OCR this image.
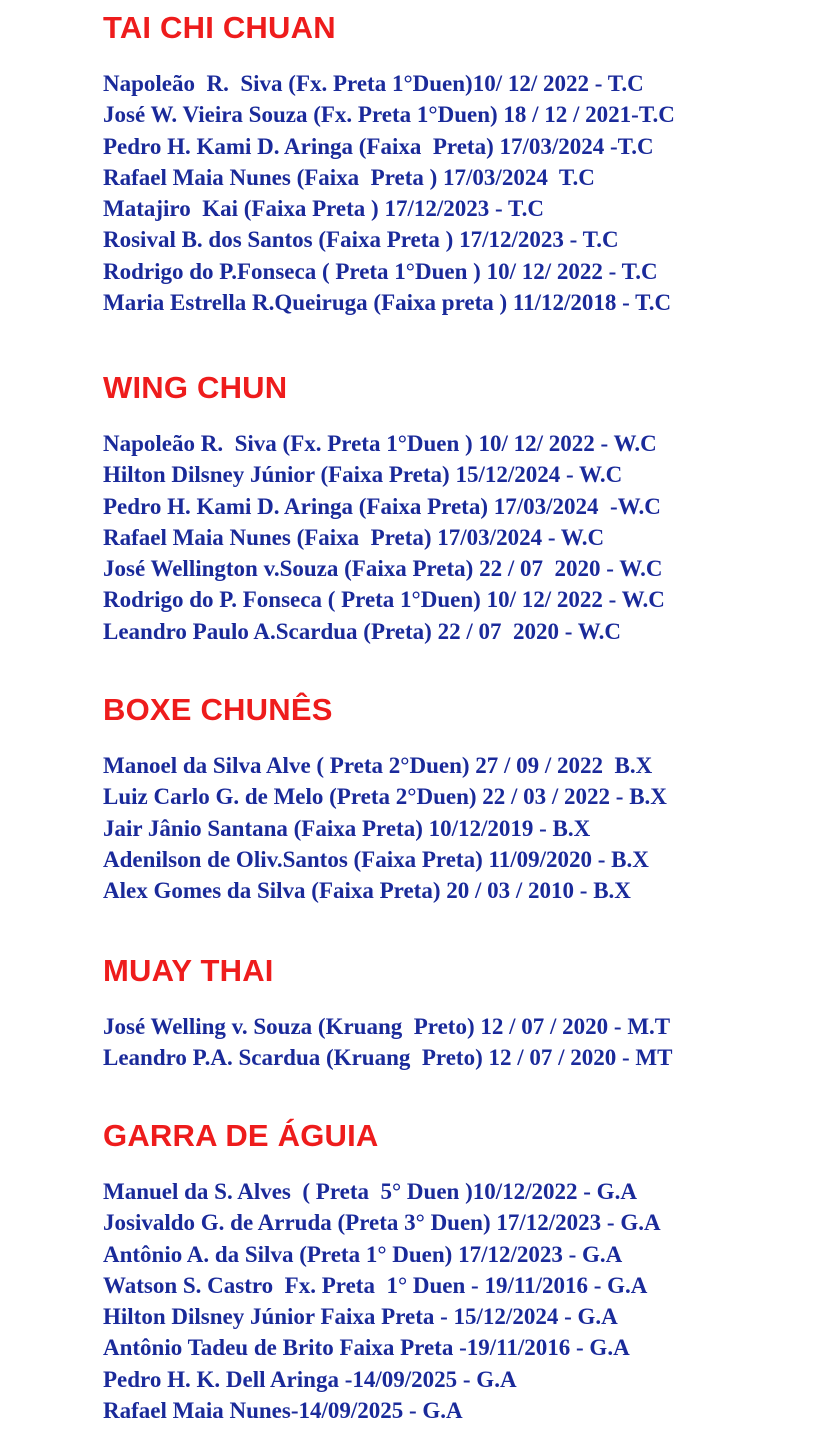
TAI CHI CHUAN

Napoleão  R.  Siva (Fx. Preta 1°Duen)10/ 12/ 2022 - T.C

José W. Vieira Souza (Fx. Preta 1°Duen) 18 / 12 / 2021-T.C

Pedro H. Kami D. Aringa (Faixa  Preta) 17/03/2024 -T.C

Rafael Maia Nunes (Faixa  Preta ) 17/03/2024  T.C

Matajiro  Kai (Faixa Preta ) 17/12/2023 - T.C

Rosival B. dos Santos (Faixa Preta ) 17/12/2023 - T.C

Rodrigo do P.Fonseca ( Preta 1°Duen ) 10/ 12/ 2022 - T.C

Maria Estrella R.Queiruga (Faixa preta ) 11/12/2018 - T.C

WING CHUN

Napoleão R.  Siva (Fx. Preta 1°Duen ) 10/ 12/ 2022 - W.C

Hilton Dilsney Júnior (Faixa Preta) 15/12/2024 - W.C

Pedro H. Kami D. Aringa (Faixa Preta) 17/03/2024  -W.C

Rafael Maia Nunes (Faixa  Preta) 17/03/2024 - W.C

José Wellington v.Souza (Faixa Preta) 22 / 07  2020 - W.C

Rodrigo do P. Fonseca ( Preta 1°Duen) 10/ 12/ 2022 - W.C

Leandro Paulo A.Scardua (Preta) 22 / 07  2020 - W.C

BOXE CHUNÊS

Manoel da Silva Alve ( Preta 2°Duen) 27 / 09 / 2022  B.X

Luiz Carlo G. de Melo (Preta 2°Duen) 22 / 03 / 2022 - B.X

Jair Jânio Santana (Faixa Preta) 10/12/2019 - B.X

Adenilson de Oliv.Santos (Faixa Preta) 11/09/2020 - B.X

Alex Gomes da Silva (Faixa Preta) 20 / 03 / 2010 - B.X

MUAY THAI

José Welling v. Souza (Kruang  Preto) 12 / 07 / 2020 - M.T

Leandro P.A. Scardua (Kruang  Preto) 12 / 07 / 2020 - MT

GARRA DE ÁGUIA

Manuel da S. Alves  ( Preta  5° Duen )10/12/2022 - G.A

Josivaldo G. de Arruda (Preta 3° Duen) 17/12/2023 - G.A

Antônio A. da Silva (Preta 1° Duen) 17/12/2023 - G.A

Watson S. Castro  Fx. Preta  1° Duen - 19/11/2016 - G.A

Hilton Dilsney Júnior Faixa Preta - 15/12/2024 - G.A

Antônio Tadeu de Brito Faixa Preta -19/11/2016 - G.A

Pedro H. K. Dell Aringa -14/09/2025 - G.A

Rafael Maia Nunes-14/09/2025 - G.A
